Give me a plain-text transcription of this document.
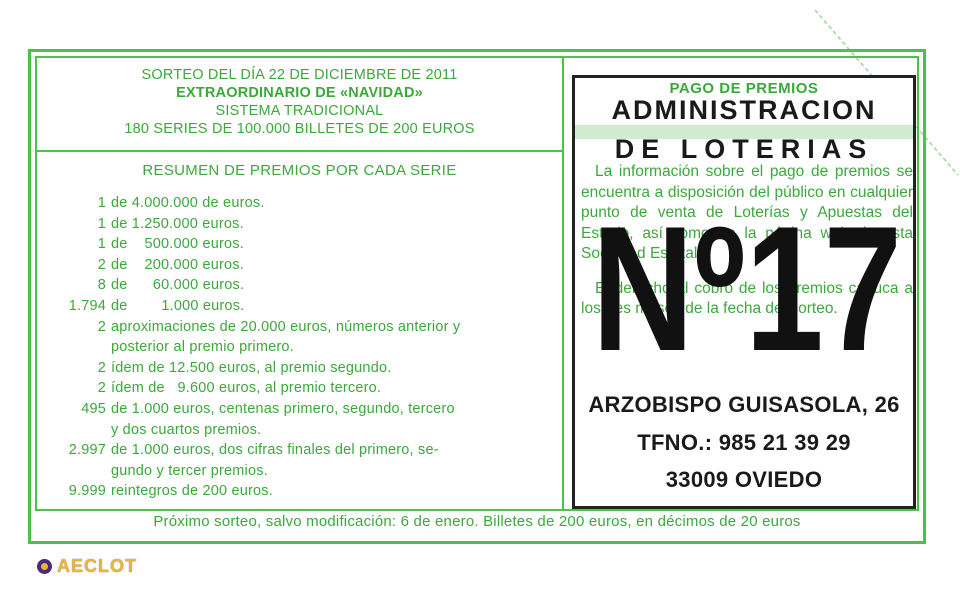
SORTEO DEL DÍA 22 DE DICIEMBRE DE 2011
EXTRAORDINARIO DE «NAVIDAD»
SISTEMA TRADICIONAL
180 SERIES DE 100.000 BILLETES DE 200 EUROS
RESUMEN DE PREMIOS POR CADA SERIE
1 de 4.000.000 de euros.
1 de 1.250.000 euros.
1 de    500.000 euros.
2 de    200.000 euros.
8 de      60.000 euros.
1.794 de        1.000 euros.
2 aproximaciones de 20.000 euros, números anterior y
posterior al premio primero.
2 ídem de 12.500 euros, al premio segundo.
2 ídem de   9.600 euros, al premio tercero.
495 de 1.000 euros, centenas primero, segundo, tercero
y dos cuartos premios.
2.997 de 1.000 euros, dos cifras finales del primero, se-
gundo y tercer premios.
9.999 reintegros de 200 euros.
Próximo sorteo, salvo modificación: 6 de enero. Billetes de 200 euros, en décimos de 20 euros
PAGO DE PREMIOS
ADMINISTRACION
DE LOTERIAS

La información sobre el pago de premios se encuentra a disposición del público en cualquier punto de venta de Loterías y Apuestas del Estado, así como en la página web de esta Sociedad Estatal.

El derecho al cobro de los premios caduca a los tres meses de la fecha del sorteo.

Nº17
ARZOBISPO GUISASOLA, 26
TFNO.: 985 21 39 29
33009 OVIEDO
AECLOT
